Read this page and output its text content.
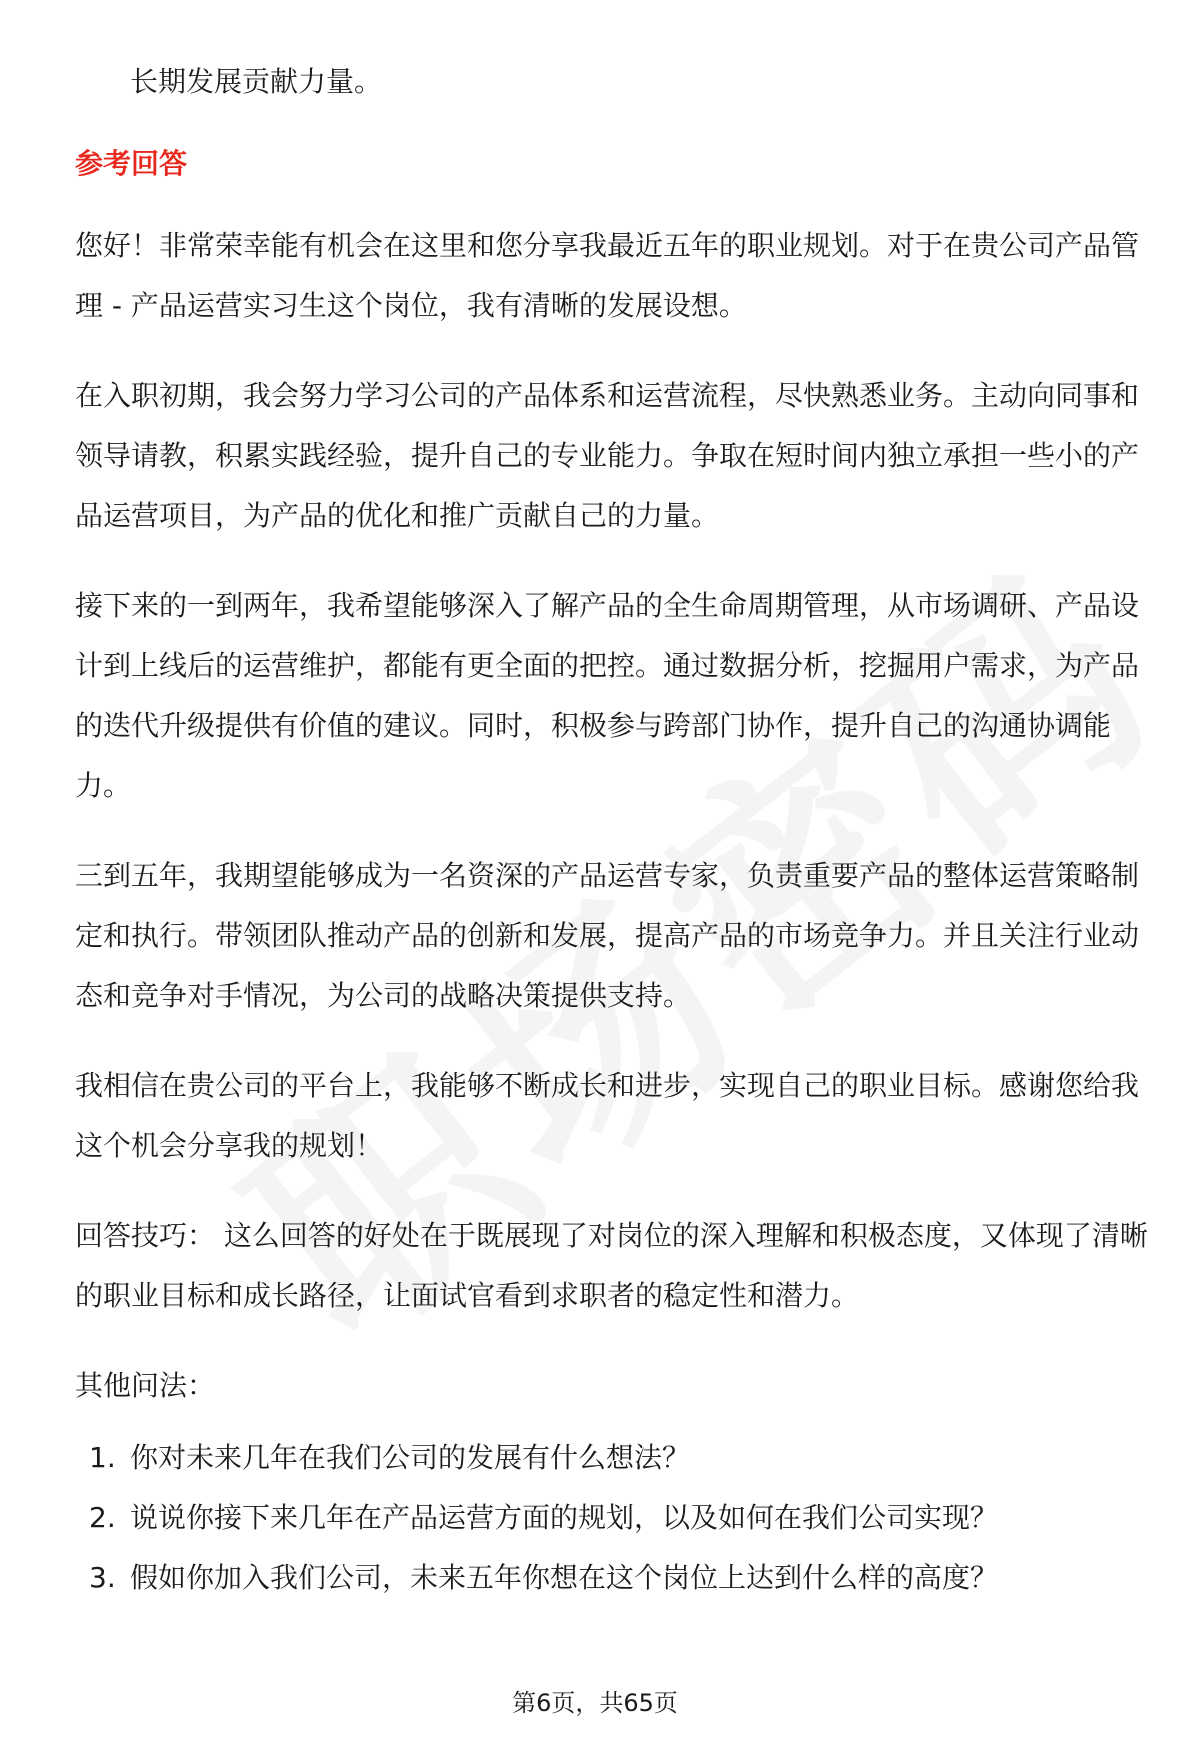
长期发展贡献力量。

参考回答

您好！非常荣幸能有机会在这里和您分享我最近五年的职业规划。对于在贵公司产品管理 - 产品运营实习生这个岗位，我有清晰的发展设想。

在入职初期，我会努力学习公司的产品体系和运营流程，尽快熟悉业务。主动向同事和领导请教，积累实践经验，提升自己的专业能力。争取在短时间内独立承担一些小的产品运营项目，为产品的优化和推广贡献自己的力量。

接下来的一到两年，我希望能够深入了解产品的全生命周期管理，从市场调研、产品设计到上线后的运营维护，都能有更全面的把控。通过数据分析，挖掘用户需求，为产品的迭代升级提供有价值的建议。同时，积极参与跨部门协作，提升自己的沟通协调能力。

三到五年，我期望能够成为一名资深的产品运营专家，负责重要产品的整体运营策略制定和执行。带领团队推动产品的创新和发展，提高产品的市场竞争力。并且关注行业动态和竞争对手情况，为公司的战略决策提供支持。

我相信在贵公司的平台上，我能够不断成长和进步，实现自己的职业目标。感谢您给我这个机会分享我的规划！

回答技巧： 这么回答的好处在于既展现了对岗位的深入理解和积极态度，又体现了清晰的职业目标和成长路径，让面试官看到求职者的稳定性和潜力。

其他问法：

1. 你对未来几年在我们公司的发展有什么想法？
2. 说说你接下来几年在产品运营方面的规划，以及如何在我们公司实现？
3. 假如你加入我们公司，未来五年你想在这个岗位上达到什么样的高度？
第6页，共65页
